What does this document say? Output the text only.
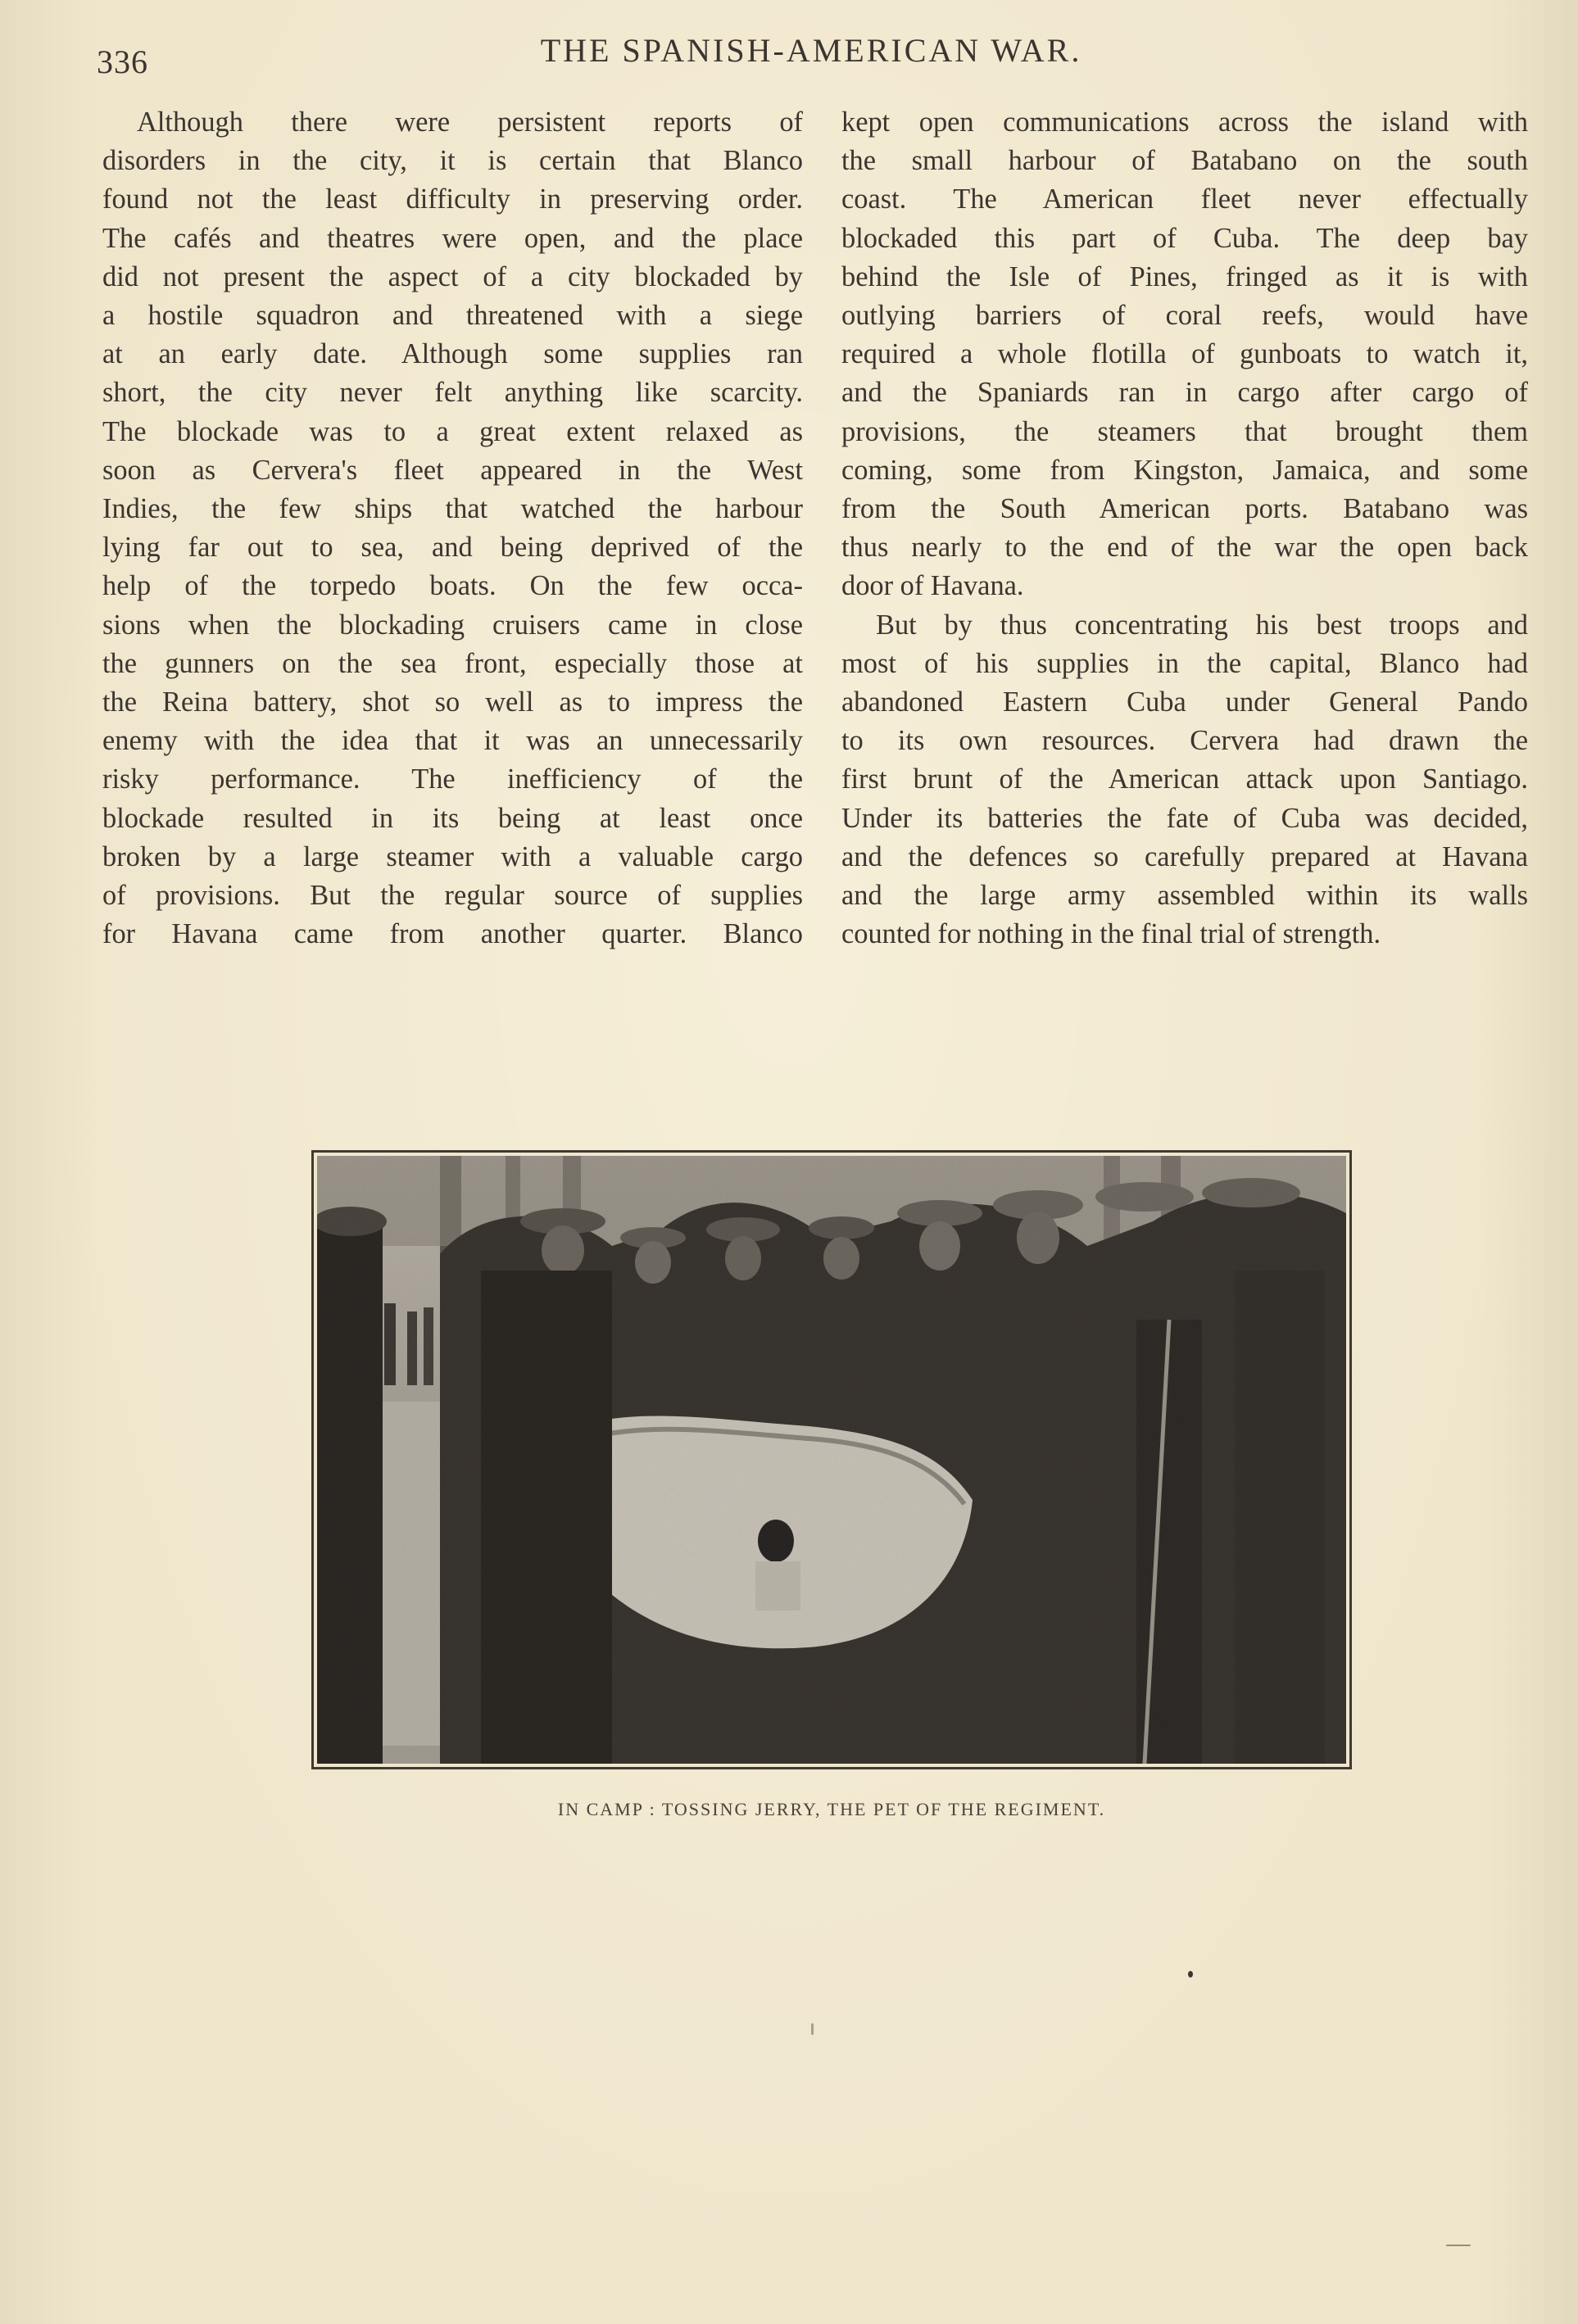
336	THE SPANISH-AMERICAN WAR.
Although there were persistent reports of
disorders in the city, it is certain that Blanco
found not the least difficulty in preserving order.
The cafés and theatres were open, and the place
did not present the aspect of a city blockaded by
a hostile squadron and threatened with a siege
at an early date. Although some supplies ran
short, the city never felt anything like scarcity.
The blockade was to a great extent relaxed as
soon as Cervera's fleet appeared in the West
Indies, the few ships that watched the harbour
lying far out to sea, and being deprived of the
help of the torpedo boats. On the few occa-
sions when the blockading cruisers came in close
the gunners on the sea front, especially those at
the Reina battery, shot so well as to impress the
enemy with the idea that it was an unnecessarily
risky performance. The inefficiency of the
blockade resulted in its being at least once
broken by a large steamer with a valuable cargo
of provisions. But the regular source of supplies
for Havana came from another quarter. Blanco
kept open communications across the island with
the small harbour of Batabano on the south
coast. The American fleet never effectually
blockaded this part of Cuba. The deep bay
behind the Isle of Pines, fringed as it is with
outlying barriers of coral reefs, would have
required a whole flotilla of gunboats to watch it,
and the Spaniards ran in cargo after cargo of
provisions, the steamers that brought them
coming, some from Kingston, Jamaica, and some
from the South American ports. Batabano was
thus nearly to the end of the war the open back
door of Havana.
But by thus concentrating his best troops and
most of his supplies in the capital, Blanco had
abandoned Eastern Cuba under General Pando
to its own resources. Cervera had drawn the
first brunt of the American attack upon Santiago.
Under its batteries the fate of Cuba was decided,
and the defences so carefully prepared at Havana
and the large army assembled within its walls
counted for nothing in the final trial of strength.
IN CAMP : TOSSING JERRY, THE PET OF THE REGIMENT.
